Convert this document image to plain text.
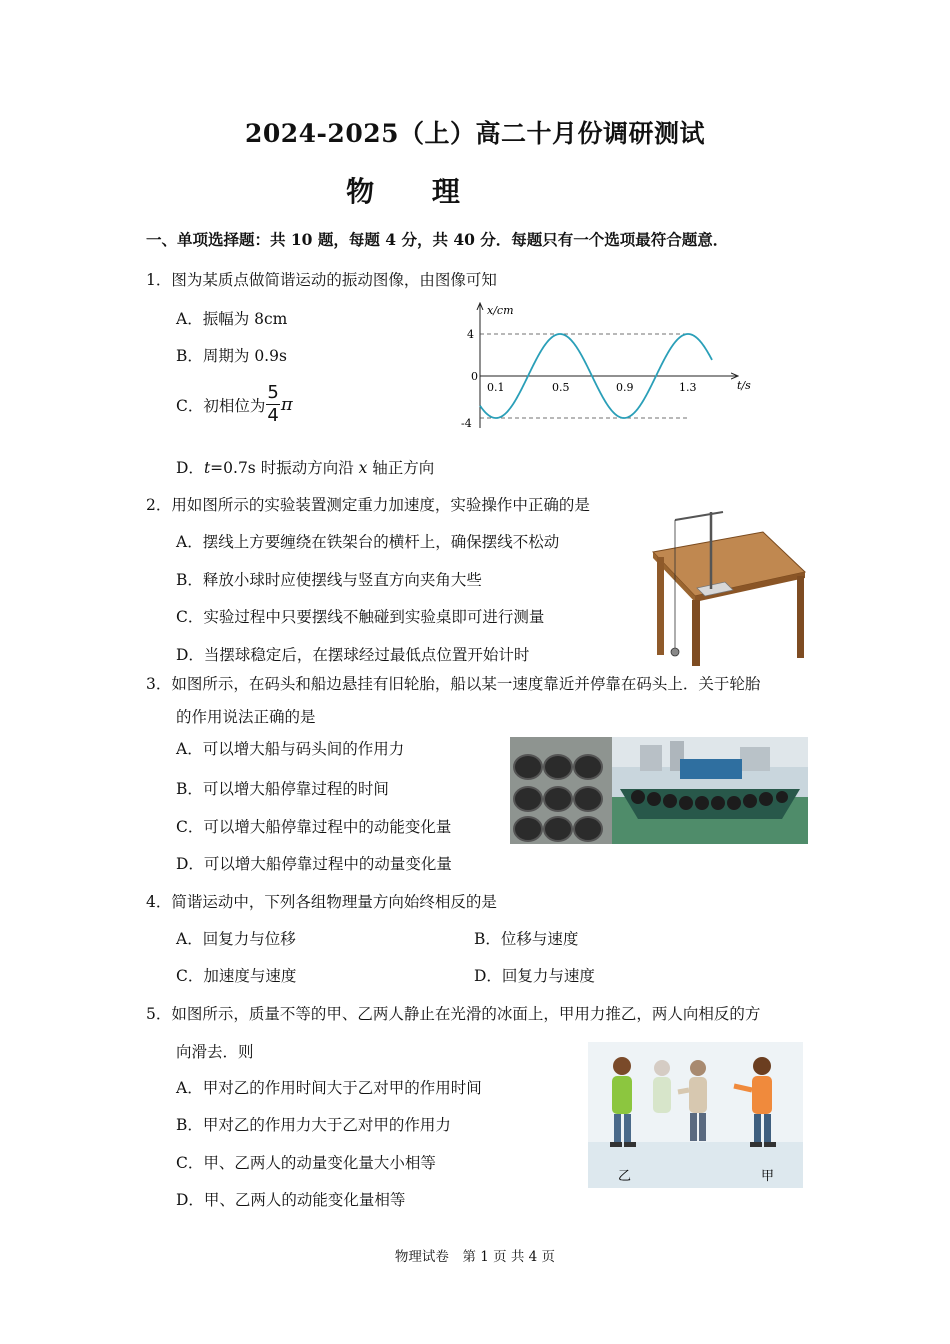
2024-2025（上）高二十月份调研测试
物 理
一、单项选择题：共 10 题，每题 4 分，共 40 分．每题只有一个选项最符合题意．
1．图为某质点做简谐运动的振动图像，由图像可知
A．振幅为 8cm
B．周期为 0.9s
C．初相位为 $\frac{5}{4}$ π
D．t=0.7s 时振动方向沿 x 轴正方向
x/cm
t/s
4
0
-4
0.1	0.5	0.9	1.3
2．用如图所示的实验装置测定重力加速度，实验操作中正确的是
A．摆线上方要缠绕在铁架台的横杆上，确保摆线不松动
B．释放小球时应使摆线与竖直方向夹角大些
C．实验过程中只要摆线不触碰到实验桌即可进行测量
D．当摆球稳定后，在摆球经过最低点位置开始计时
3．如图所示，在码头和船边悬挂有旧轮胎，船以某一速度靠近并停靠在码头上．关于轮胎
的作用说法正确的是
A．可以增大船与码头间的作用力
B．可以增大船停靠过程的时间
C．可以增大船停靠过程中的动能变化量
D．可以增大船停靠过程中的动量变化量
4．简谐运动中，下列各组物理量方向始终相反的是
A．回复力与位移	B．位移与速度
C．加速度与速度	D．回复力与速度
5．如图所示，质量不等的甲、乙两人静止在光滑的冰面上，甲用力推乙，两人向相反的方
向滑去．则
A．甲对乙的作用时间大于乙对甲的作用时间
B．甲对乙的作用力大于乙对甲的作用力
C．甲、乙两人的动量变化量大小相等
D．甲、乙两人的动能变化量相等
乙	甲
物理试卷　第 1 页 共 4 页
